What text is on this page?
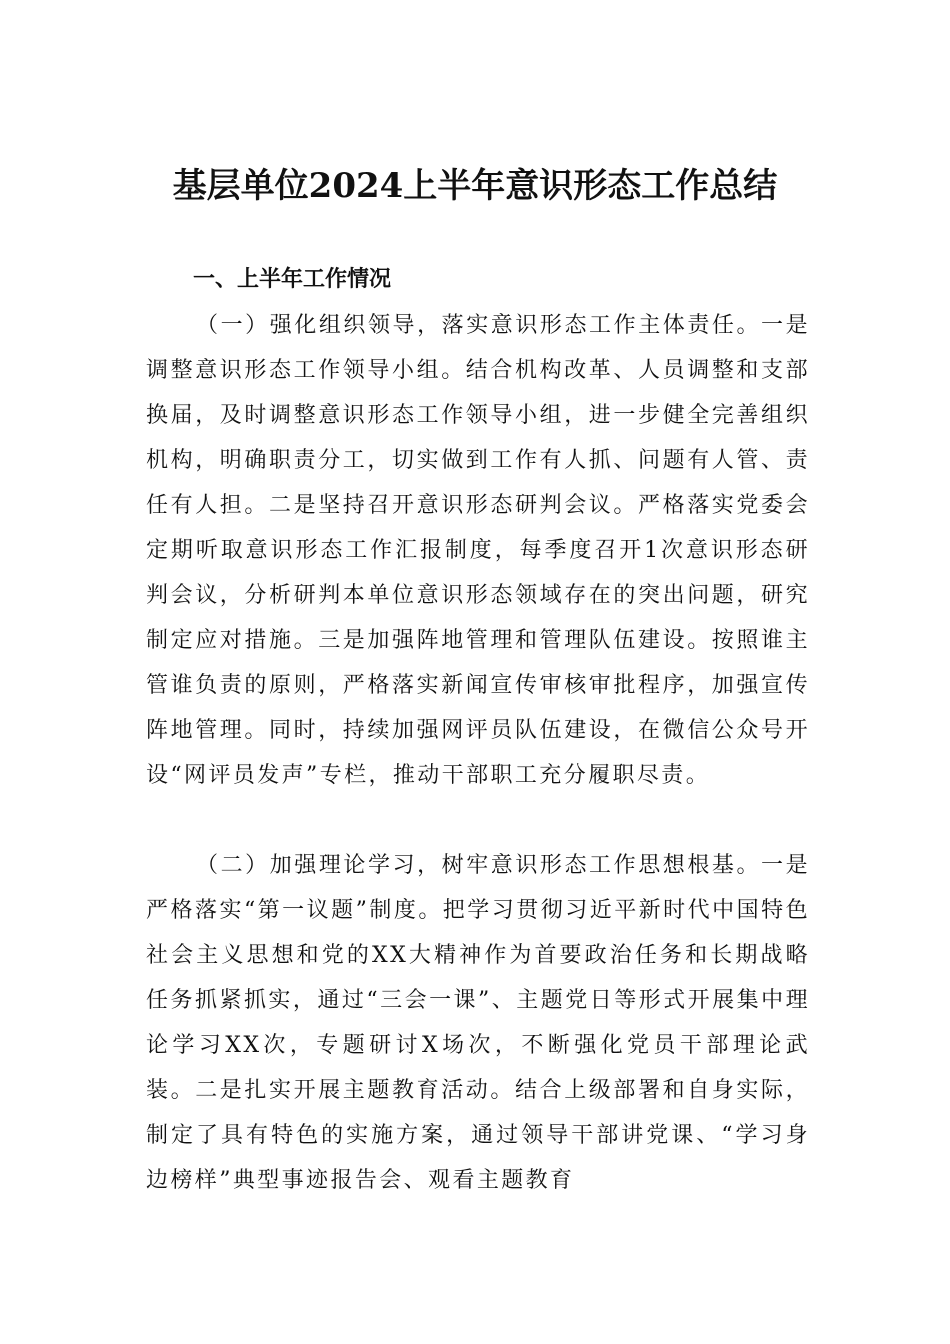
基层单位2024上半年意识形态工作总结
一、上半年工作情况

（一）强化组织领导，落实意识形态工作主体责任。一是调整意识形态工作领导小组。结合机构改革、人员调整和支部换届，及时调整意识形态工作领导小组，进一步健全完善组织机构，明确职责分工，切实做到工作有人抓、问题有人管、责任有人担。二是坚持召开意识形态研判会议。严格落实党委会定期听取意识形态工作汇报制度，每季度召开1次意识形态研判会议，分析研判本单位意识形态领域存在的突出问题，研究制定应对措施。三是加强阵地管理和管理队伍建设。按照谁主管谁负责的原则，严格落实新闻宣传审核审批程序，加强宣传阵地管理。同时，持续加强网评员队伍建设，在微信公众号开设“网评员发声”专栏，推动干部职工充分履职尽责。

（二）加强理论学习，树牢意识形态工作思想根基。一是严格落实“第一议题”制度。把学习贯彻习近平新时代中国特色社会主义思想和党的XX大精神作为首要政治任务和长期战略任务抓紧抓实，通过“三会一课”、主题党日等形式开展集中理论学习XX次，专题研讨X场次，不断强化党员干部理论武装。二是扎实开展主题教育活动。结合上级部署和自身实际，制定了具有特色的实施方案，通过领导干部讲党课、“学习身边榜样”典型事迹报告会、观看主题教育
